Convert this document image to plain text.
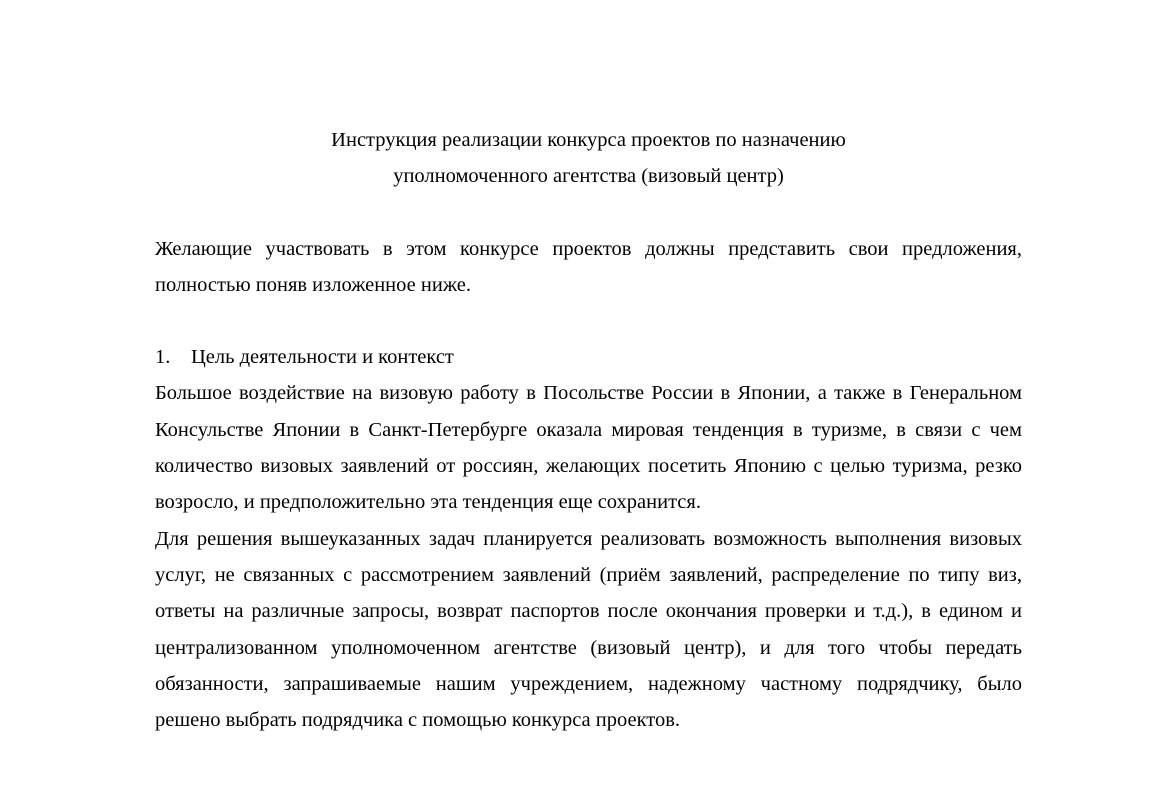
Инструкция реализации конкурса проектов по назначению
уполномоченного агентства (визовый центр)

Желающие участвовать в этом конкурсе проектов должны представить свои предложения, полностью поняв изложенное ниже.

1. Цель деятельности и контекст

Большое воздействие на визовую работу в Посольстве России в Японии, а также в Генеральном Консульстве Японии в Санкт-Петербурге оказала мировая тенденция в туризме, в связи с чем количество визовых заявлений от россиян, желающих посетить Японию с целью туризма, резко возросло, и предположительно эта тенденция еще сохранится.

Для решения вышеуказанных задач планируется реализовать возможность выполнения визовых услуг, не связанных с рассмотрением заявлений (приём заявлений, распределение по типу виз, ответы на различные запросы, возврат паспортов после окончания проверки и т.д.), в едином и централизованном уполномоченном агентстве (визовый центр), и для того чтобы передать обязанности, запрашиваемые нашим учреждением, надежному частному подрядчику, было решено выбрать подрядчика с помощью конкурса проектов.
